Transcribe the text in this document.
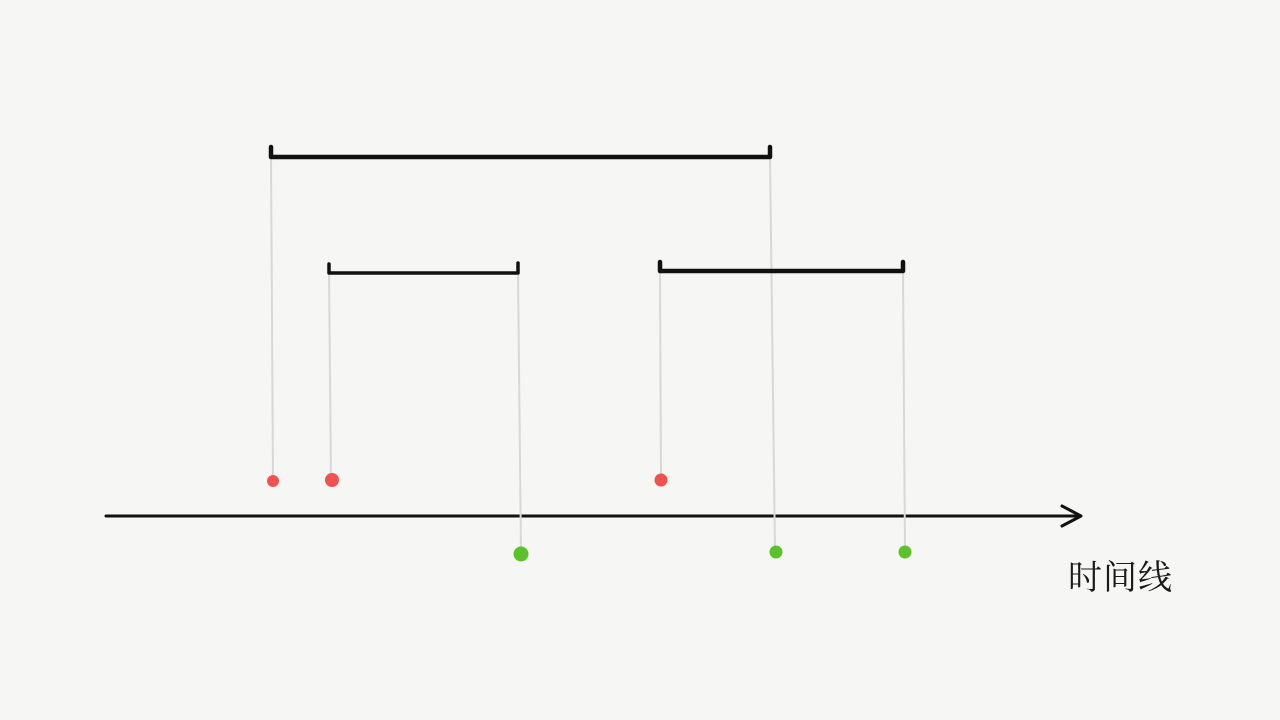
时间线
